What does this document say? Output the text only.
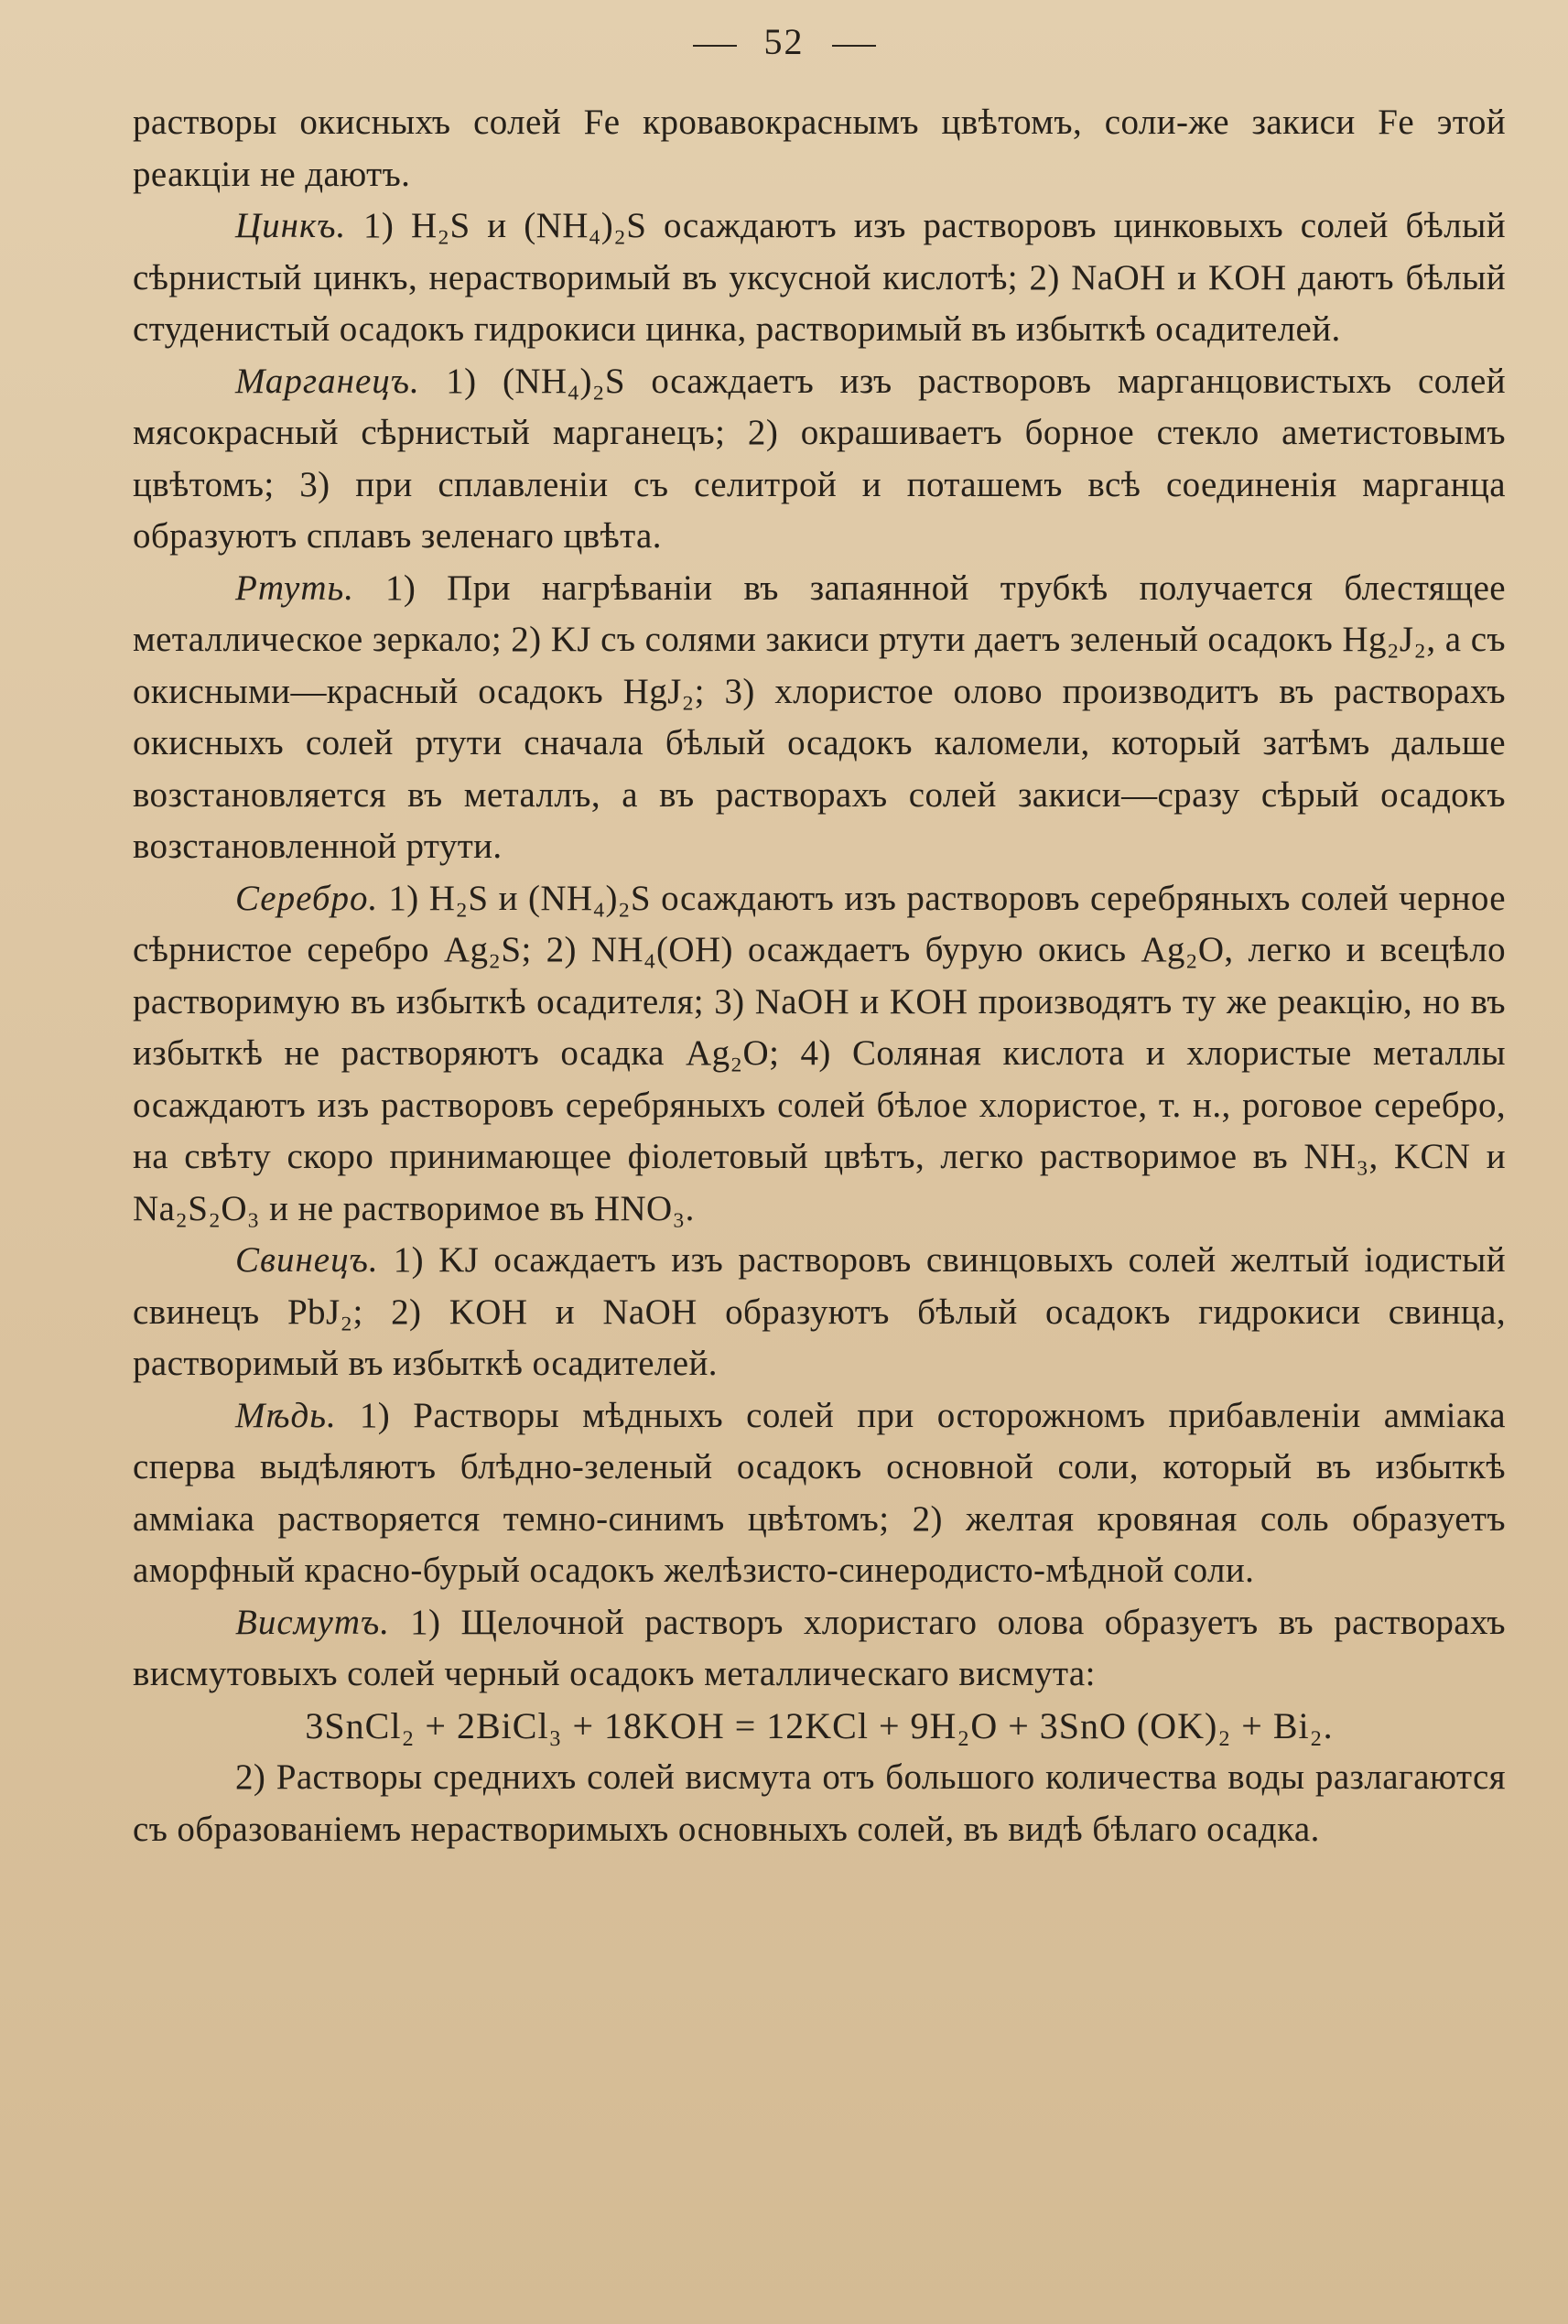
52

растворы окисныхъ солей Fe кровавокраснымъ цвѣтомъ, соли-же закиси Fe этой реакціи не даютъ.

Цинкъ. 1) H₂S и (NH₄)₂S осаждаютъ изъ растворовъ цинковыхъ солей бѣлый сѣрнистый цинкъ, нерастворимый въ уксусной кислотѣ; 2) NaOH и KOH даютъ бѣлый студенистый осадокъ гидрокиси цинка, растворимый въ избыткѣ осадителей.

Марганецъ. 1) (NH₄)₂S осаждаетъ изъ растворовъ марганцовистыхъ солей мясокрасный сѣрнистый марганецъ; 2) окрашиваетъ борное стекло аметистовымъ цвѣтомъ; 3) при сплавленіи съ селитрой и поташемъ всѣ соединенія марганца образуютъ сплавъ зеленаго цвѣта.

Ртуть. 1) При нагрѣваніи въ запаянной трубкѣ получается блестящее металлическое зеркало; 2) KJ съ солями закиси ртути даетъ зеленый осадокъ Hg₂J₂, а съ окисными—красный осадокъ HgJ₂; 3) хлористое олово производитъ въ растворахъ окисныхъ солей ртути сначала бѣлый осадокъ каломели, который затѣмъ дальше возстановляется въ металлъ, а въ растворахъ солей закиси—сразу сѣрый осадокъ возстановленной ртути.

Серебро. 1) H₂S и (NH₄)₂S осаждаютъ изъ растворовъ серебряныхъ солей черное сѣрнистое серебро Ag₂S; 2) NH₄(OH) осаждаетъ бурую окись Ag₂O, легко и всецѣло растворимую въ избыткѣ осадителя; 3) NaOH и KOH производятъ ту же реакцію, но въ избыткѣ не растворяютъ осадка Ag₂O; 4) Соляная кислота и хлористые металлы осаждаютъ изъ растворовъ серебряныхъ солей бѣлое хлористое, т. н., роговое серебро, на свѣту скоро принимающее фіолетовый цвѣтъ, легко растворимое въ NH₃, KCN и Na₂S₂O₃ и не растворимое въ HNO₃.

Свинецъ. 1) KJ осаждаетъ изъ растворовъ свинцовыхъ солей желтый іодистый свинецъ PbJ₂; 2) KOH и NaOH образуютъ бѣлый осадокъ гидрокиси свинца, растворимый въ избыткѣ осадителей.

Мѣдь. 1) Растворы мѣдныхъ солей при осторожномъ прибавленіи амміака сперва выдѣляютъ блѣдно-зеленый осадокъ основной соли, который въ избыткѣ амміака растворяется темно-синимъ цвѣтомъ; 2) желтая кровяная соль образуетъ аморфный красно-бурый осадокъ желѣзисто-синеродисто-мѣдной соли.

Висмутъ. 1) Щелочной растворъ хлористаго олова образуетъ въ растворахъ висмутовыхъ солей черный осадокъ металлическаго висмута:

3SnCl₂ + 2BiCl₃ + 18KOH = 12KCl + 9H₂O + 3SnO (OK)₂ + Bi₂.

2) Растворы среднихъ солей висмута отъ большого количества воды разлагаются съ образованіемъ нерастворимыхъ основныхъ солей, въ видѣ бѣлаго осадка.
